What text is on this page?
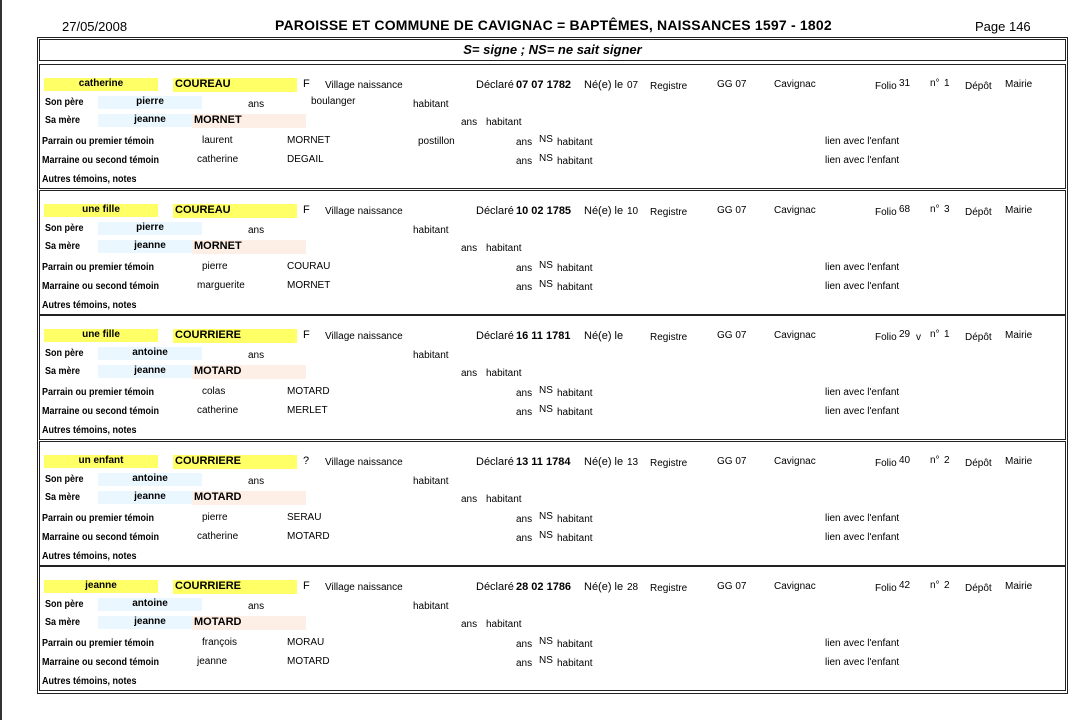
27/05/2008	PAROISSE ET COMMUNE DE CAVIGNAC = BAPTÊMES, NAISSANCES 1597 - 1802	Page 146
S= signe ; NS= ne sait signer
catherine	COUREAU	F Village naissance	Déclaré 07 07 1782 Né(e) le 07 Registre	GG 07	Cavignac	Folio 31 n° 1 Dépôt Mairie
Son père	pierre	ans	boulanger	habitant
Sa mère	jeanne	MORNET	ans habitant
Parrain ou premier témoin	laurent	MORNET	postillon	ans NS habitant	lien avec l'enfant
Marraine ou second témoin	catherine	DEGAIL	ans NS habitant	lien avec l'enfant
Autres témoins, notes
une fille	COUREAU	F Village naissance	Déclaré 10 02 1785 Né(e) le 10 Registre	GG 07	Cavignac	Folio 68 n° 3 Dépôt Mairie
Son père	pierre	ans	habitant
Sa mère	jeanne	MORNET	ans habitant
Parrain ou premier témoin	pierre	COURAU	ans NS habitant	lien avec l'enfant
Marraine ou second témoin	marguerite	MORNET	ans NS habitant	lien avec l'enfant
Autres témoins, notes
une fille	COURRIERE	F Village naissance	Déclaré 16 11 1781 Né(e) le	Registre	GG 07	Cavignac	Folio 29 v n° 1 Dépôt Mairie
Son père	antoine	ans	habitant
Sa mère	jeanne	MOTARD	ans habitant
Parrain ou premier témoin	colas	MOTARD	ans NS habitant	lien avec l'enfant
Marraine ou second témoin	catherine	MERLET	ans NS habitant	lien avec l'enfant
Autres témoins, notes
un enfant	COURRIERE	? Village naissance	Déclaré 13 11 1784 Né(e) le 13 Registre	GG 07	Cavignac	Folio 40 n° 2 Dépôt Mairie
Son père	antoine	ans	habitant
Sa mère	jeanne	MOTARD	ans habitant
Parrain ou premier témoin	pierre	SERAU	ans NS habitant	lien avec l'enfant
Marraine ou second témoin	catherine	MOTARD	ans NS habitant	lien avec l'enfant
Autres témoins, notes
jeanne	COURRIERE	F Village naissance	Déclaré 28 02 1786 Né(e) le 28 Registre	GG 07	Cavignac	Folio 42 n° 2 Dépôt Mairie
Son père	antoine	ans	habitant
Sa mère	jeanne	MOTARD	ans habitant
Parrain ou premier témoin	françois	MORAU	ans NS habitant	lien avec l'enfant
Marraine ou second témoin	jeanne	MOTARD	ans NS habitant	lien avec l'enfant
Autres témoins, notes
